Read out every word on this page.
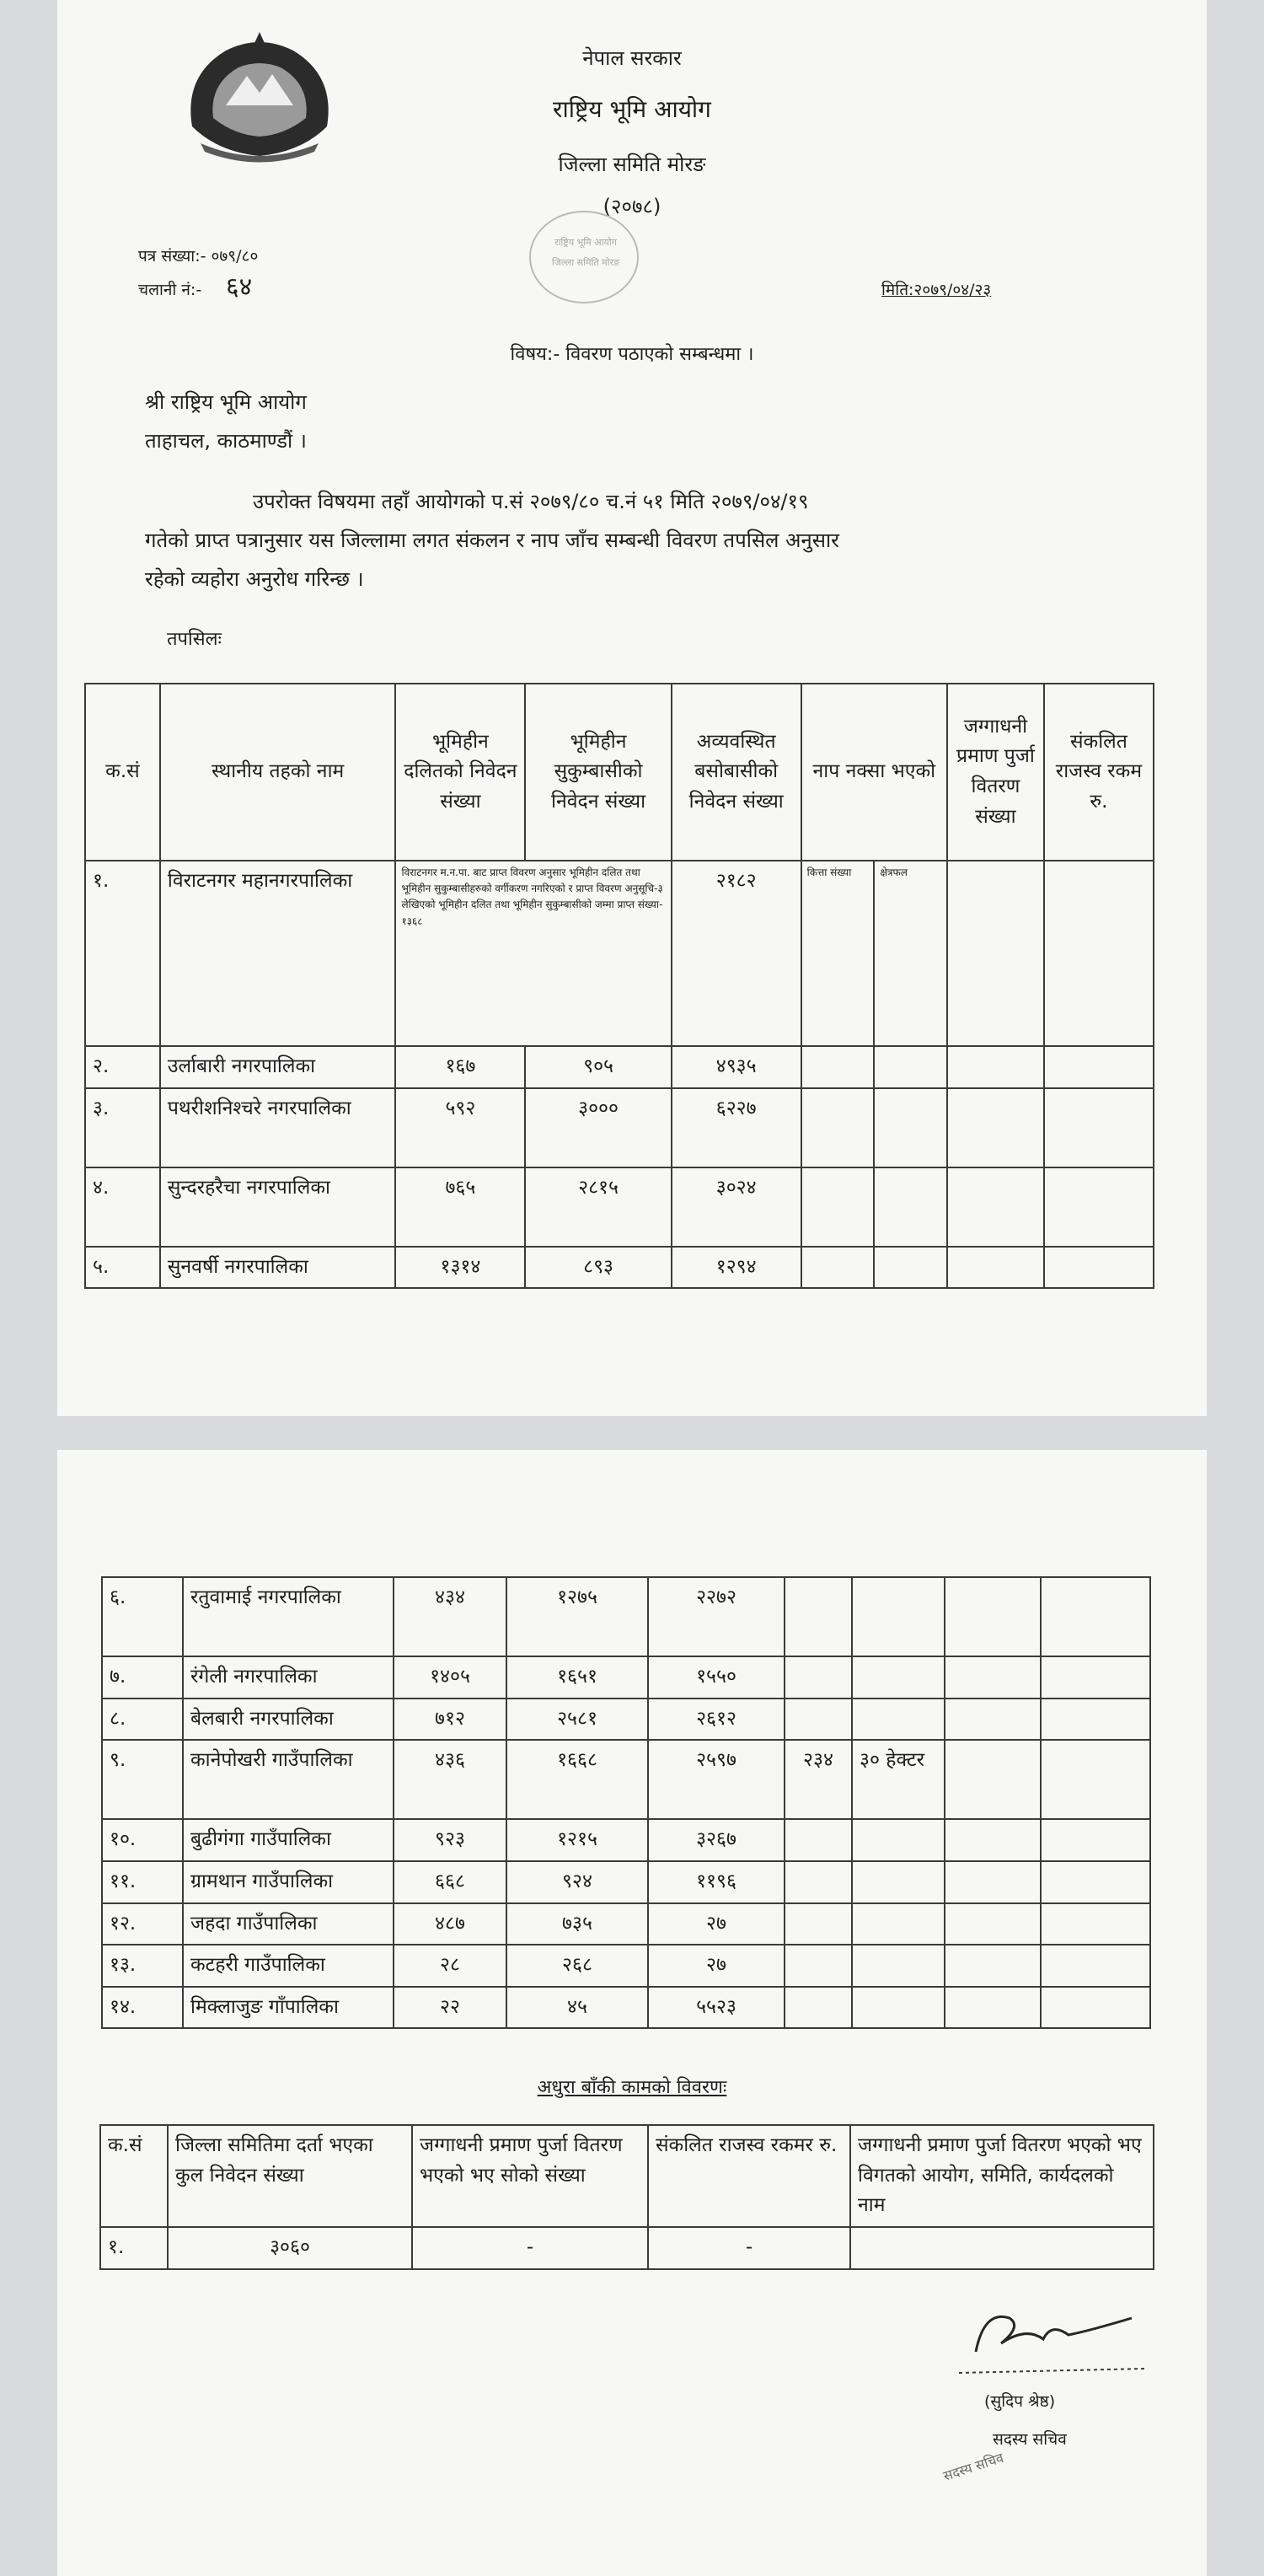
नेपाल सरकार
राष्ट्रिय भूमि आयोग
जिल्ला समिति मोरङ
(२०७८)
राष्ट्रिय भूमि आयोग
जिल्ला समिति मोरङ
पत्र संख्या:- ०७९/८०
चलानी नं:- ६४	मिति:२०७९/०४/२३
विषय:- विवरण पठाएको सम्बन्धमा ।
श्री राष्ट्रिय भूमि आयोग
ताहाचल, काठमाण्डौं ।
उपरोक्त विषयमा तहाँ आयोगको प.सं २०७९/८० च.नं ५१ मिति २०७९/०४/१९
गतेको प्राप्त पत्रानुसार यस जिल्लामा लगत संकलन र नाप जाँच सम्बन्धी विवरण तपसिल अनुसार
रहेको व्यहोरा अनुरोध गरिन्छ ।
तपसिलः
क.सं	स्थानीय तहको नाम	भूमिहीन दलितको निवेदन संख्या	भूमिहीन सुकुम्बासीको निवेदन संख्या	अव्यवस्थित बसोबासीको निवेदन संख्या	नाप नक्सा भएको		जग्गाधनी प्रमाण पुर्जा वितरण संख्या	संकलित राजस्व रकम रु.
१.	विराटनगर महानगरपालिका	विराटनगर म.न.पा. बाट प्राप्त विवरण अनुसार भूमिहीन दलित तथा भूमिहीन सुकुम्बासीहरुको वर्गीकरण नगरिएको र प्राप्त विवरण अनुसूचि-३ लेखिएको भूमिहीन दलित तथा भूमिहीन सुकुम्बासीको जम्मा प्राप्त संख्या- १३६८		२१८२	कित्ता संख्या	क्षेत्रफल		
२.	उर्लाबारी नगरपालिका	१६७	९०५	४९३५				
३.	पथरीशनिश्चरे नगरपालिका	५९२	३०००	६२२७				
४.	सुन्दरहरैचा नगरपालिका	७६५	२८१५	३०२४				
५.	सुनवर्षी नगरपालिका	१३१४	८९३	१२९४				
६.	रतुवामाई नगरपालिका	४३४	१२७५	२२७२				
७.	रंगेली नगरपालिका	१४०५	१६५१	१५५०				
८.	बेलबारी नगरपालिका	७१२	२५८१	२६१२				
९.	कानेपोखरी गाउँपालिका	४३६	१६६८	२५९७	२३४	३० हेक्टर		
१०.	बुढीगंगा गाउँपालिका	९२३	१२१५	३२६७				
११.	ग्रामथान गाउँपालिका	६६८	९२४	११९६				
१२.	जहदा गाउँपालिका	४८७	७३५	२७				
१३.	कटहरी गाउँपालिका	२८	२६८	२७				
१४.	मिक्लाजुङ गाँपालिका	२२	४५	५५२३				
अधुरा बाँकी कामको विवरणः
क.सं	जिल्ला समितिमा दर्ता भएका कुल निवेदन संख्या	जग्गाधनी प्रमाण पुर्जा वितरण भएको भए सोको संख्या	संकलित राजस्व रकमर रु.	जग्गाधनी प्रमाण पुर्जा वितरण भएको भए विगतको आयोग, समिति, कार्यदलको नाम
१.	३०६०	-	-	
(सुदिप श्रेष्ठ)
सदस्य सचिव
सदस्य सचिव
